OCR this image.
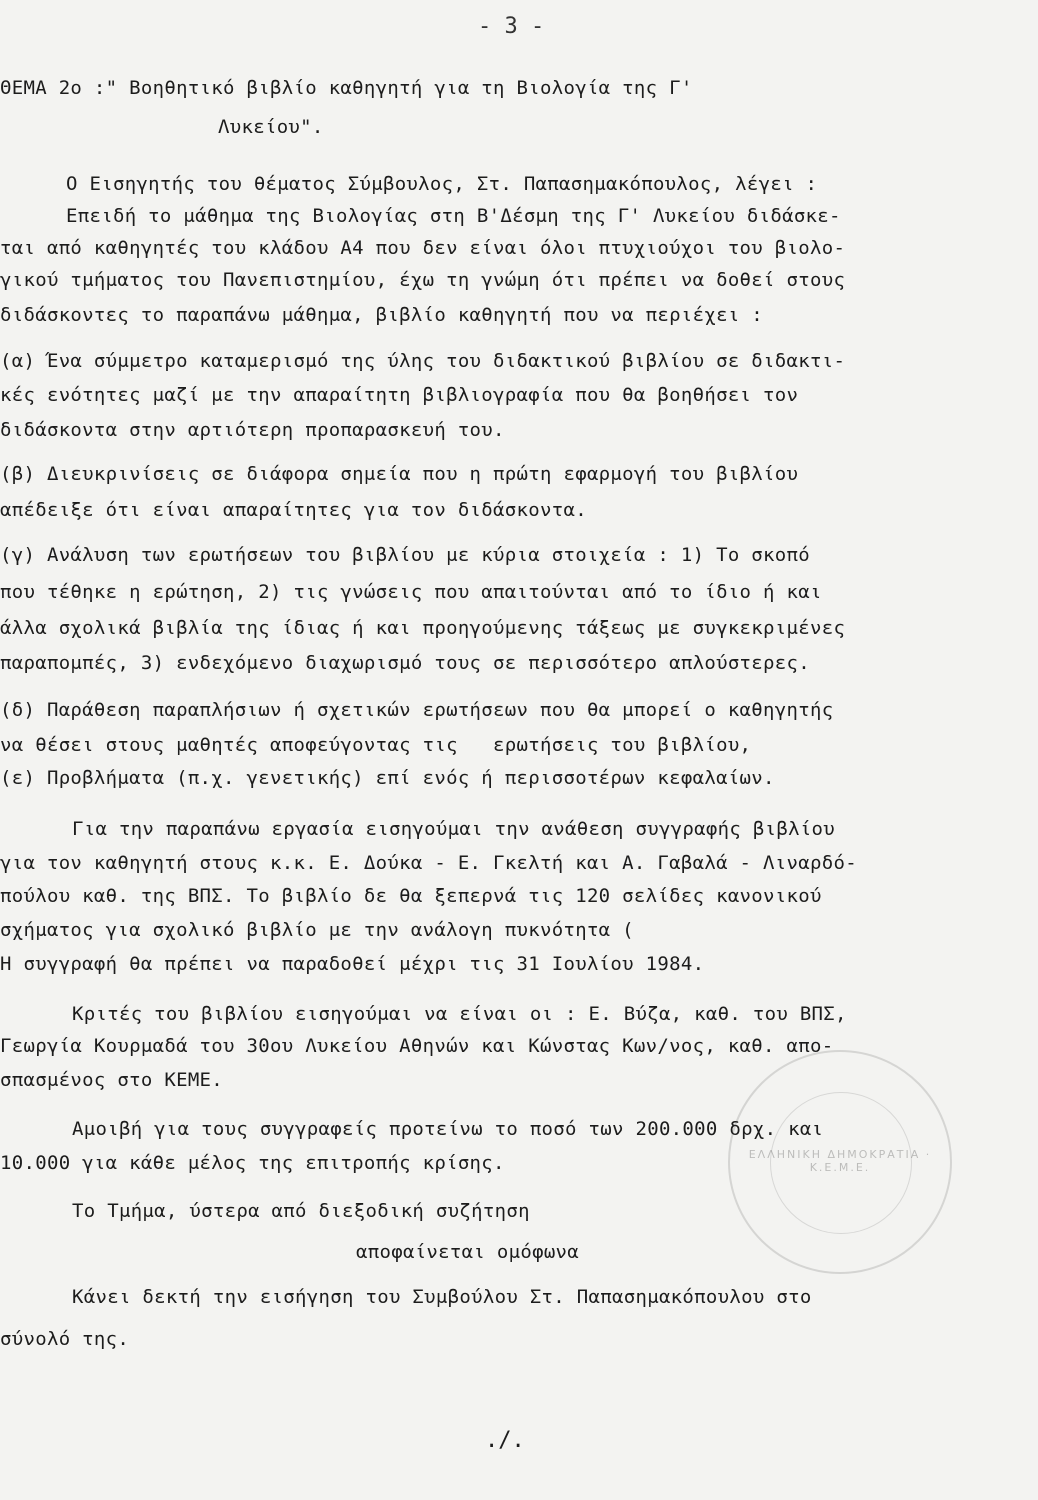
- 3 -
ΘΕΜΑ 2ο :" Βοηθητικό βιβλίο καθηγητή για τη Βιολογία της Γ'
Λυκείου".
Ο Εισηγητής του θέματος Σύμβουλος, Στ. Παπασημακόπουλος, λέγει :
Επειδή το μάθημα της Βιολογίας στη Β'Δέσμη της Γ' Λυκείου διδάσκε-
ται από καθηγητές του κλάδου Α4 που δεν είναι όλοι πτυχιούχοι του βιολο-
γικού τμήματος του Πανεπιστημίου, έχω τη γνώμη ότι πρέπει να δοθεί στους
διδάσκοντες το παραπάνω μάθημα, βιβλίο καθηγητή που να περιέχει :
(α) Ένα σύμμετρο καταμερισμό της ύλης του διδακτικού βιβλίου σε διδακτι-
κές ενότητες μαζί με την απαραίτητη βιβλιογραφία που θα βοηθήσει τον
διδάσκοντα στην αρτιότερη προπαρασκευή του.
(β) Διευκρινίσεις σε διάφορα σημεία που η πρώτη εφαρμογή του βιβλίου
απέδειξε ότι είναι απαραίτητες για τον διδάσκοντα.
(γ) Ανάλυση των ερωτήσεων του βιβλίου με κύρια στοιχεία : 1) Το σκοπό
που τέθηκε η ερώτηση, 2) τις γνώσεις που απαιτούνται από το ίδιο ή και
άλλα σχολικά βιβλία της ίδιας ή και προηγούμενης τάξεως με συγκεκριμένες
παραπομπές, 3) ενδεχόμενο διαχωρισμό τους σε περισσότερο απλούστερες.
(δ) Παράθεση παραπλήσιων ή σχετικών ερωτήσεων που θα μπορεί ο καθηγητής
να θέσει στους μαθητές αποφεύγοντας τις   ερωτήσεις του βιβλίου,
(ε) Προβλήματα (π.χ. γενετικής) επί ενός ή περισσοτέρων κεφαλαίων.
Για την παραπάνω εργασία εισηγούμαι την ανάθεση συγγραφής βιβλίου
για τον καθηγητή στους κ.κ. Ε. Δούκα - Ε. Γκελτή και Α. Γαβαλά - Λιναρδό-
πούλου καθ. της ΒΠΣ. Το βιβλίο δε θα ξεπερνά τις 120 σελίδες κανονικού
σχήματος για σχολικό βιβλίο με την ανάλογη πυκνότητα (
Η συγγραφή θα πρέπει να παραδοθεί μέχρι τις 31 Ιουλίου 1984.
Κριτές του βιβλίου εισηγούμαι να είναι οι : Ε. Βύζα, καθ. του ΒΠΣ,
Γεωργία Κουρμαδά του 30ου Λυκείου Αθηνών και Κώνστας Κων/νος, καθ. απο-
σπασμένος στο ΚΕΜΕ.
Αμοιβή για τους συγγραφείς προτείνω το ποσό των 200.000 δρχ. και
10.000 για κάθε μέλος της επιτροπής κρίσης.
Το Τμήμα, ύστερα από διεξοδική συζήτηση
αποφαίνεται ομόφωνα
Κάνει δεκτή την εισήγηση του Συμβούλου Στ. Παπασημακόπουλου στο
σύνολό της.
ΕΛΛΗΝΙΚΗ ΔΗΜΟΚΡΑΤΙΑ · Κ.Ε.Μ.Ε.
./.
